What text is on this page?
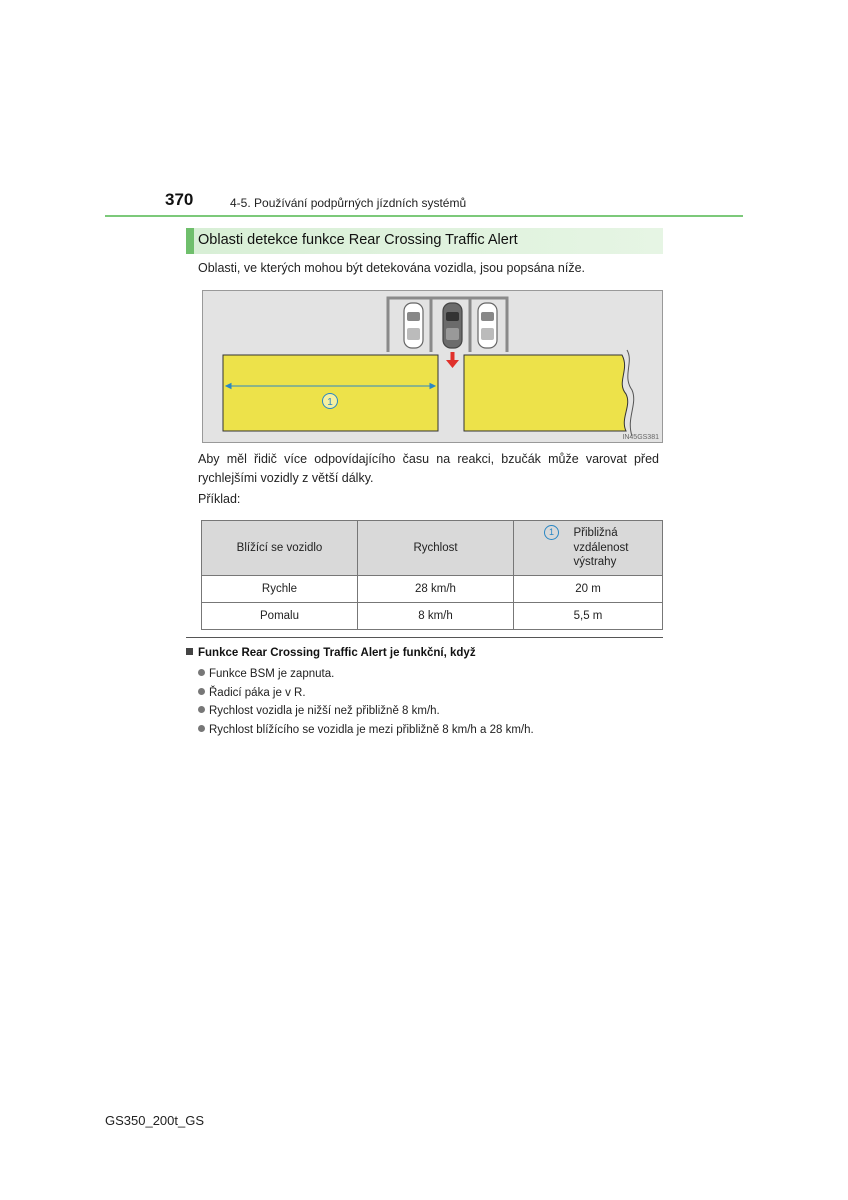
370	4-5. Používání podpůrných jízdních systémů
Oblasti detekce funkce Rear Crossing Traffic Alert
Oblasti, ve kterých mohou být detekována vozidla, jsou popsána níže.
1
IN45GS381
Aby měl řidič více odpovídajícího času na reakci, bzučák může varovat před rychlejšími vozidly z větší dálky.
Příklad:
Blížící se vozidlo	Rychlost	1 Přibližná
vzdálenost
výstrahy
Rychle	28 km/h	20 m
Pomalu	8 km/h	5,5 m
Funkce Rear Crossing Traffic Alert je funkční, když
Funkce BSM je zapnuta.
Řadicí páka je v R.
Rychlost vozidla je nižší než přibližně 8 km/h.
Rychlost blížícího se vozidla je mezi přibližně 8 km/h a 28 km/h.
GS350_200t_GS
